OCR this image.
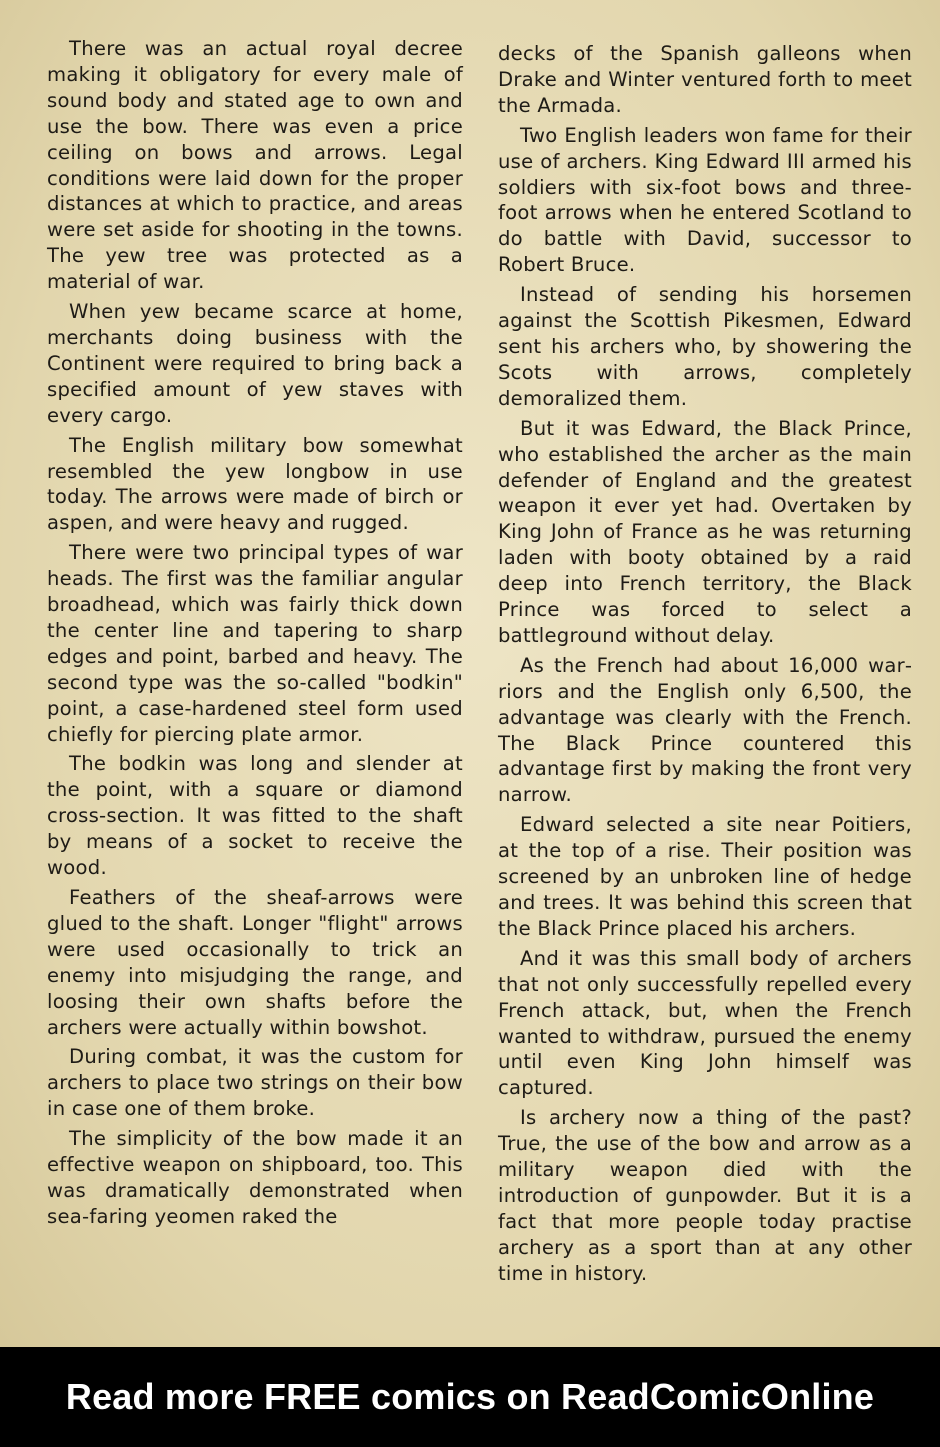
There was an actual royal decree making it obligatory for every male of sound body and stated age to own and use the bow. There was even a price ceiling on bows and arrows. Legal conditions were laid down for the proper distances at which to practice, and areas were set aside for shooting in the towns. The yew tree was protected as a material of war.

When yew became scarce at home, merchants doing business with the Continent were required to bring back a specified amount of yew staves with every cargo.

The English military bow somewhat resembled the yew longbow in use today. The arrows were made of birch or aspen, and were heavy and rugged.

There were two principal types of war heads. The first was the familiar angular broadhead, which was fairly thick down the center line and tapering to sharp edges and point, barbed and heavy. The second type was the so-called "bodkin" point, a case-hardened steel form used chiefly for piercing plate armor.

The bodkin was long and slender at the point, with a square or diamond cross-section. It was fitted to the shaft by means of a socket to receive the wood.

Feathers of the sheaf-arrows were glued to the shaft. Longer "flight" arrows were used occasionally to trick an enemy into misjudging the range, and loosing their own shafts before the archers were actually within bowshot.

During combat, it was the custom for archers to place two strings on their bow in case one of them broke.

The simplicity of the bow made it an effective weapon on shipboard, too. This was dramatically demonstrated when sea-faring yeomen raked the

decks of the Spanish galleons when Drake and Winter ventured forth to meet the Armada.

Two English leaders won fame for their use of archers. King Edward III armed his soldiers with six-foot bows and three-foot arrows when he entered Scotland to do battle with David, successor to Robert Bruce.

Instead of sending his horsemen against the Scottish Pikesmen, Edward sent his archers who, by showering the Scots with arrows, completely demoralized them.

But it was Edward, the Black Prince, who established the archer as the main defender of England and the greatest weapon it ever yet had. Overtaken by King John of France as he was returning laden with booty obtained by a raid deep into French territory, the Black Prince was forced to select a battleground without delay.

As the French had about 16,000 warriors and the English only 6,500, the advantage was clearly with the French. The Black Prince countered this advantage first by making the front very narrow.

Edward selected a site near Poitiers, at the top of a rise. Their position was screened by an unbroken line of hedge and trees. It was behind this screen that the Black Prince placed his archers.

And it was this small body of archers that not only successfully repelled every French attack, but, when the French wanted to withdraw, pursued the enemy until even King John himself was captured.

Is archery now a thing of the past? True, the use of the bow and arrow as a military weapon died with the introduction of gunpowder. But it is a fact that more people today practise archery as a sport than at any other time in history.

Read more FREE comics on ReadComicOnline
